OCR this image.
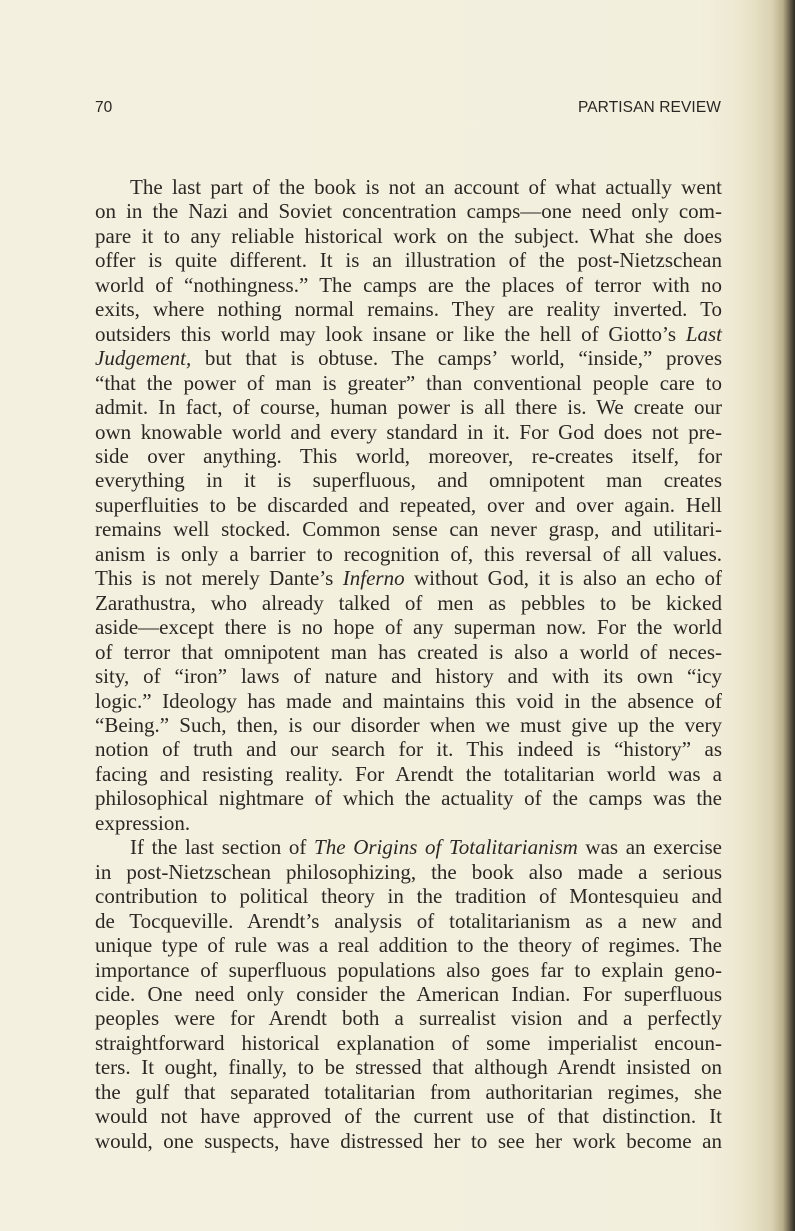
70	PARTISAN REVIEW
The last part of the book is not an account of what actually went
on in the Nazi and Soviet concentration camps—one need only com-
pare it to any reliable historical work on the subject. What she does
offer is quite different. It is an illustration of the post-Nietzschean
world of “nothingness.” The camps are the places of terror with no
exits, where nothing normal remains. They are reality inverted. To
outsiders this world may look insane or like the hell of Giotto’s Last
Judgement, but that is obtuse. The camps’ world, “inside,” proves
“that the power of man is greater” than conventional people care to
admit. In fact, of course, human power is all there is. We create our
own knowable world and every standard in it. For God does not pre-
side over anything. This world, moreover, re-creates itself, for
everything in it is superfluous, and omnipotent man creates
superfluities to be discarded and repeated, over and over again. Hell
remains well stocked. Common sense can never grasp, and utilitari-
anism is only a barrier to recognition of, this reversal of all values.
This is not merely Dante’s Inferno without God, it is also an echo of
Zarathustra, who already talked of men as pebbles to be kicked
aside—except there is no hope of any superman now. For the world
of terror that omnipotent man has created is also a world of neces-
sity, of “iron” laws of nature and history and with its own “icy
logic.” Ideology has made and maintains this void in the absence of
“Being.” Such, then, is our disorder when we must give up the very
notion of truth and our search for it. This indeed is “history” as
facing and resisting reality. For Arendt the totalitarian world was a
philosophical nightmare of which the actuality of the camps was the
expression.
If the last section of The Origins of Totalitarianism was an exercise
in post-Nietzschean philosophizing, the book also made a serious
contribution to political theory in the tradition of Montesquieu and
de Tocqueville. Arendt’s analysis of totalitarianism as a new and
unique type of rule was a real addition to the theory of regimes. The
importance of superfluous populations also goes far to explain geno-
cide. One need only consider the American Indian. For superfluous
peoples were for Arendt both a surrealist vision and a perfectly
straightforward historical explanation of some imperialist encoun-
ters. It ought, finally, to be stressed that although Arendt insisted on
the gulf that separated totalitarian from authoritarian regimes, she
would not have approved of the current use of that distinction. It
would, one suspects, have distressed her to see her work become an
